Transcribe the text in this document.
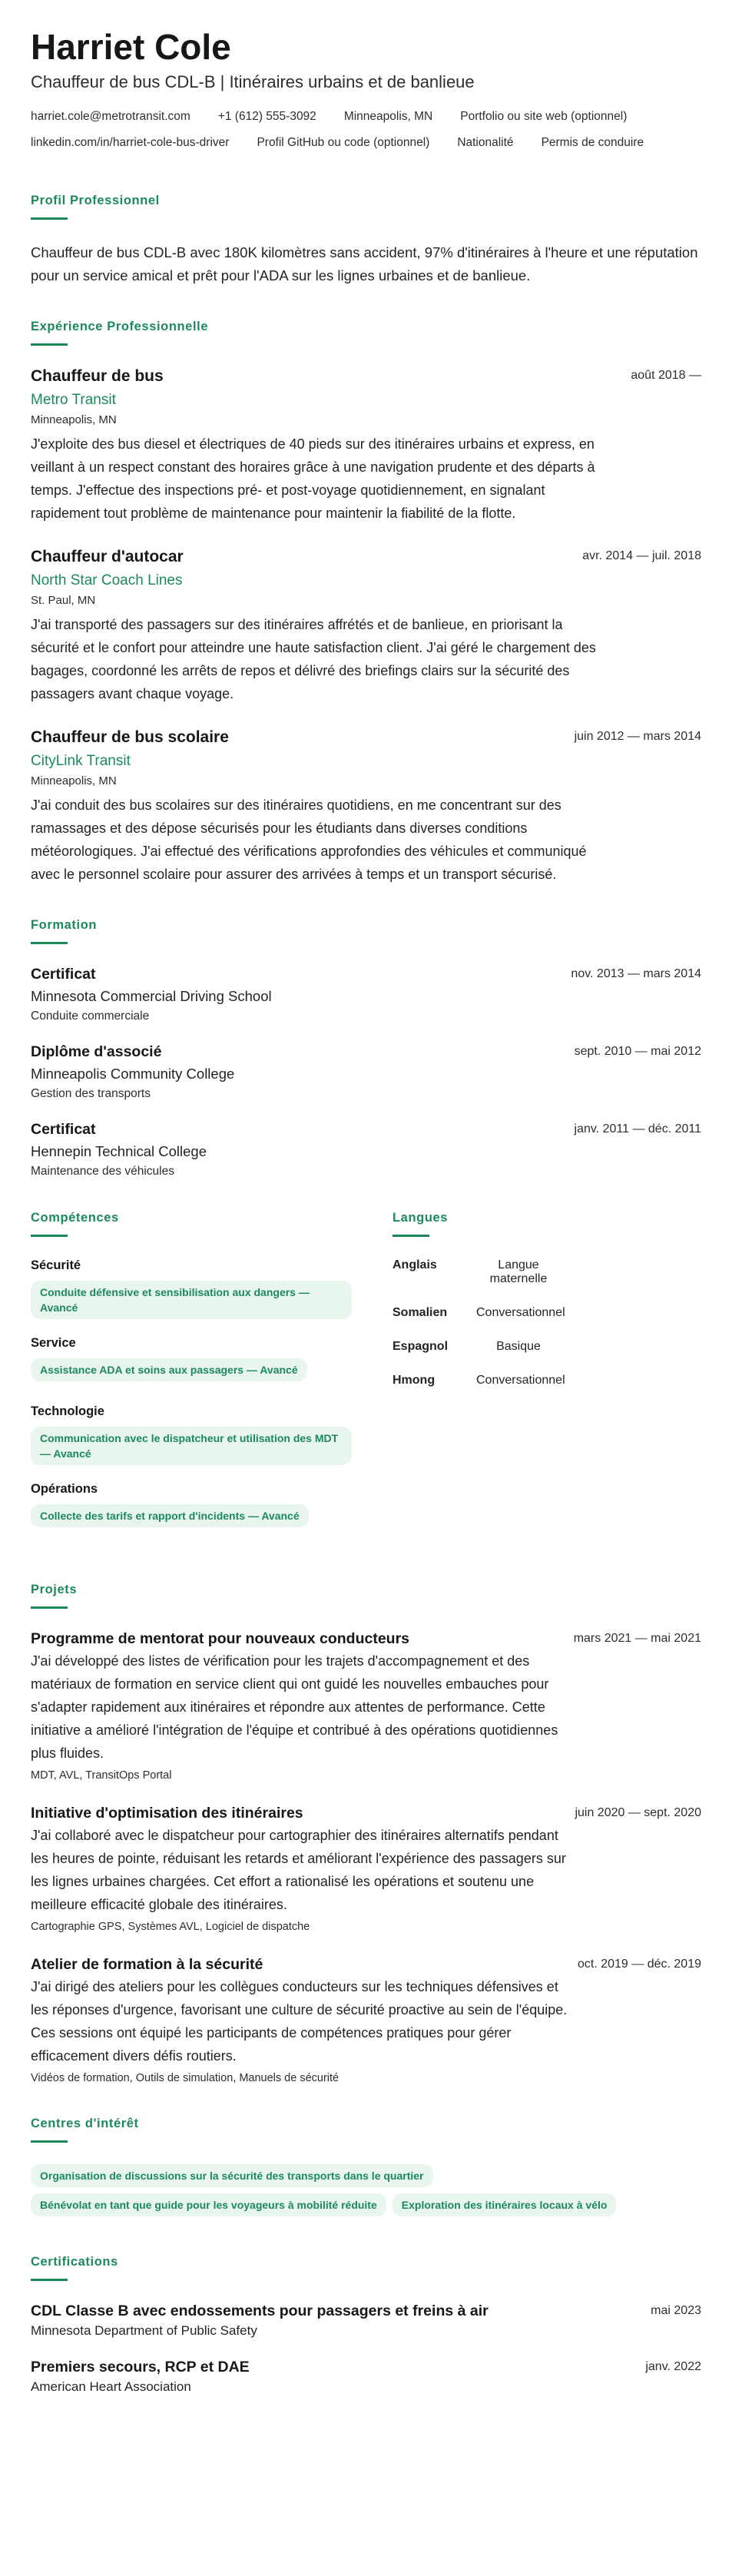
Harriet Cole
Chauffeur de bus CDL-B | Itinéraires urbains et de banlieue
harriet.cole@metrotransit.com +1 (612) 555-3092 Minneapolis, MN Portfolio ou site web (optionnel)
linkedin.com/in/harriet-cole-bus-driver Profil GitHub ou code (optionnel) Nationalité Permis de conduire
Profil Professionnel
Chauffeur de bus CDL-B avec 180K kilomètres sans accident, 97% d'itinéraires à l'heure et une réputation pour un service amical et prêt pour l'ADA sur les lignes urbaines et de banlieue.
Expérience Professionnelle
Chauffeur de bus	août 2018 —
Metro Transit
Minneapolis, MN
J'exploite des bus diesel et électriques de 40 pieds sur des itinéraires urbains et express, en veillant à un respect constant des horaires grâce à une navigation prudente et des départs à temps. J'effectue des inspections pré- et post-voyage quotidiennement, en signalant rapidement tout problème de maintenance pour maintenir la fiabilité de la flotte.
Chauffeur d'autocar	avr. 2014 — juil. 2018
North Star Coach Lines
St. Paul, MN
J'ai transporté des passagers sur des itinéraires affrétés et de banlieue, en priorisant la sécurité et le confort pour atteindre une haute satisfaction client. J'ai géré le chargement des bagages, coordonné les arrêts de repos et délivré des briefings clairs sur la sécurité des passagers avant chaque voyage.
Chauffeur de bus scolaire	juin 2012 — mars 2014
CityLink Transit
Minneapolis, MN
J'ai conduit des bus scolaires sur des itinéraires quotidiens, en me concentrant sur des ramassages et des dépose sécurisés pour les étudiants dans diverses conditions météorologiques. J'ai effectué des vérifications approfondies des véhicules et communiqué avec le personnel scolaire pour assurer des arrivées à temps et un transport sécurisé.
Formation
Certificat	nov. 2013 — mars 2014
Minnesota Commercial Driving School
Conduite commerciale
Diplôme d'associé	sept. 2010 — mai 2012
Minneapolis Community College
Gestion des transports
Certificat	janv. 2011 — déc. 2011
Hennepin Technical College
Maintenance des véhicules
Compétences
Sécurité
Conduite défensive et sensibilisation aux dangers — Avancé
Service
Assistance ADA et soins aux passagers — Avancé
Technologie
Communication avec le dispatcheur et utilisation des MDT — Avancé
Opérations
Collecte des tarifs et rapport d'incidents — Avancé
Langues
Anglais	Langue maternelle
Somalien Conversationnel
Espagnol	Basique
Hmong	Conversationnel
Projets
Programme de mentorat pour nouveaux conducteurs	mars 2021 — mai 2021
J'ai développé des listes de vérification pour les trajets d'accompagnement et des matériaux de formation en service client qui ont guidé les nouvelles embauches pour s'adapter rapidement aux itinéraires et répondre aux attentes de performance. Cette initiative a amélioré l'intégration de l'équipe et contribué à des opérations quotidiennes plus fluides.
MDT, AVL, TransitOps Portal
Initiative d'optimisation des itinéraires	juin 2020 — sept. 2020
J'ai collaboré avec le dispatcheur pour cartographier des itinéraires alternatifs pendant les heures de pointe, réduisant les retards et améliorant l'expérience des passagers sur les lignes urbaines chargées. Cet effort a rationalisé les opérations et soutenu une meilleure efficacité globale des itinéraires.
Cartographie GPS, Systèmes AVL, Logiciel de dispatche
Atelier de formation à la sécurité	oct. 2019 — déc. 2019
J'ai dirigé des ateliers pour les collègues conducteurs sur les techniques défensives et les réponses d'urgence, favorisant une culture de sécurité proactive au sein de l'équipe. Ces sessions ont équipé les participants de compétences pratiques pour gérer efficacement divers défis routiers.
Vidéos de formation, Outils de simulation, Manuels de sécurité
Centres d'intérêt
Organisation de discussions sur la sécurité des transports dans le quartier
Bénévolat en tant que guide pour les voyageurs à mobilité réduite	Exploration des itinéraires locaux à vélo
Certifications
CDL Classe B avec endossements pour passagers et freins à air	mai 2023
Minnesota Department of Public Safety
Premiers secours, RCP et DAE	janv. 2022
American Heart Association
